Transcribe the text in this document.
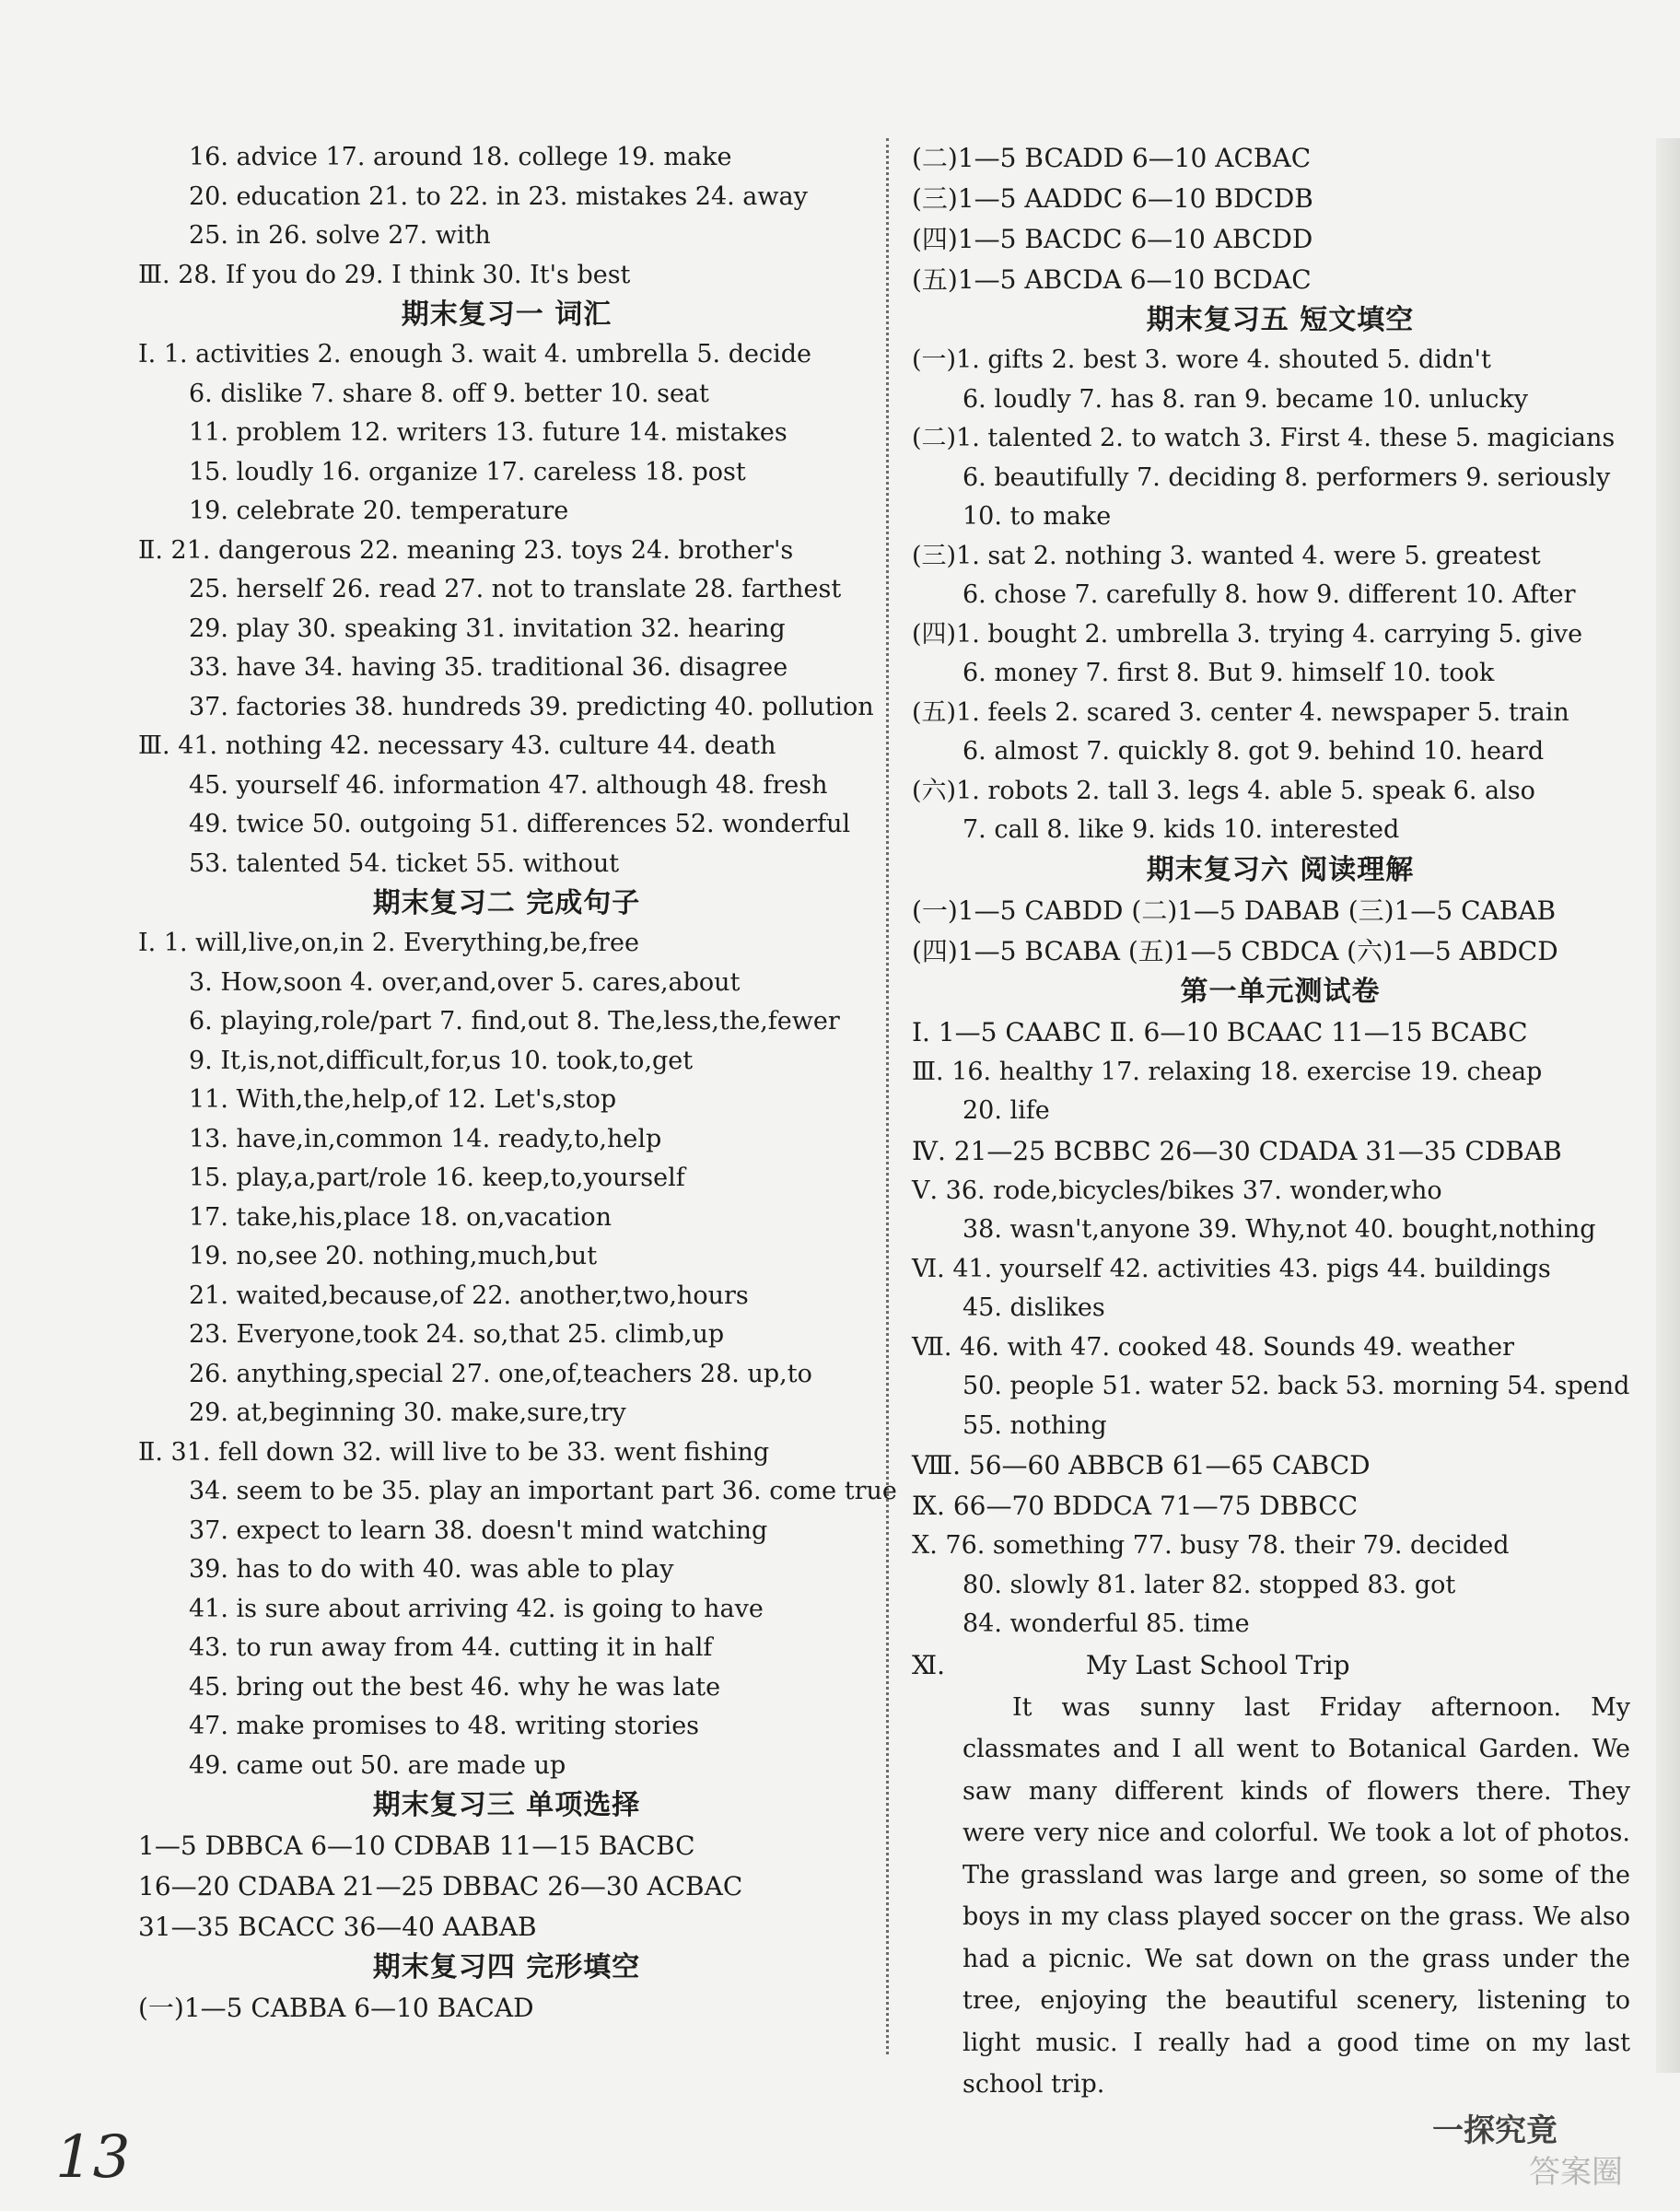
16. advice 17. around 18. college 19. make
20. education 21. to 22. in 23. mistakes 24. away
25. in 26. solve 27. with
Ⅲ. 28. If you do 29. I think 30. It's best
期末复习一 词汇
Ⅰ. 1. activities 2. enough 3. wait 4. umbrella 5. decide
6. dislike 7. share 8. off 9. better 10. seat
11. problem 12. writers 13. future 14. mistakes
15. loudly 16. organize 17. careless 18. post
19. celebrate 20. temperature
Ⅱ. 21. dangerous 22. meaning 23. toys 24. brother's
25. herself 26. read 27. not to translate 28. farthest
29. play 30. speaking 31. invitation 32. hearing
33. have 34. having 35. traditional 36. disagree
37. factories 38. hundreds 39. predicting 40. pollution
Ⅲ. 41. nothing 42. necessary 43. culture 44. death
45. yourself 46. information 47. although 48. fresh
49. twice 50. outgoing 51. differences 52. wonderful
53. talented 54. ticket 55. without
期末复习二 完成句子
Ⅰ. 1. will,live,on,in 2. Everything,be,free
3. How,soon 4. over,and,over 5. cares,about
6. playing,role/part 7. find,out 8. The,less,the,fewer
9. It,is,not,difficult,for,us 10. took,to,get
11. With,the,help,of 12. Let's,stop
13. have,in,common 14. ready,to,help
15. play,a,part/role 16. keep,to,yourself
17. take,his,place 18. on,vacation
19. no,see 20. nothing,much,but
21. waited,because,of 22. another,two,hours
23. Everyone,took 24. so,that 25. climb,up
26. anything,special 27. one,of,teachers 28. up,to
29. at,beginning 30. make,sure,try
Ⅱ. 31. fell down 32. will live to be 33. went fishing
34. seem to be 35. play an important part 36. come true
37. expect to learn 38. doesn't mind watching
39. has to do with 40. was able to play
41. is sure about arriving 42. is going to have
43. to run away from 44. cutting it in half
45. bring out the best 46. why he was late
47. make promises to 48. writing stories
49. came out 50. are made up
期末复习三 单项选择
1—5 DBBCA 6—10 CDBAB 11—15 BACBC
16—20 CDABA 21—25 DBBAC 26—30 ACBAC
31—35 BCACC 36—40 AABAB
期末复习四 完形填空
(一)1—5 CABBA 6—10 BACAD
(二)1—5 BCADD 6—10 ACBAC
(三)1—5 AADDC 6—10 BDCDB
(四)1—5 BACDC 6—10 ABCDD
(五)1—5 ABCDA 6—10 BCDAC
期末复习五 短文填空
(一)1. gifts 2. best 3. wore 4. shouted 5. didn't
6. loudly 7. has 8. ran 9. became 10. unlucky
(二)1. talented 2. to watch 3. First 4. these 5. magicians
6. beautifully 7. deciding 8. performers 9. seriously
10. to make
(三)1. sat 2. nothing 3. wanted 4. were 5. greatest
6. chose 7. carefully 8. how 9. different 10. After
(四)1. bought 2. umbrella 3. trying 4. carrying 5. give
6. money 7. first 8. But 9. himself 10. took
(五)1. feels 2. scared 3. center 4. newspaper 5. train
6. almost 7. quickly 8. got 9. behind 10. heard
(六)1. robots 2. tall 3. legs 4. able 5. speak 6. also
7. call 8. like 9. kids 10. interested
期末复习六 阅读理解
(一)1—5 CABDD (二)1—5 DABAB (三)1—5 CABAB
(四)1—5 BCABA (五)1—5 CBDCA (六)1—5 ABDCD
第一单元测试卷
Ⅰ. 1—5 CAABC Ⅱ. 6—10 BCAAC 11—15 BCABC
Ⅲ. 16. healthy 17. relaxing 18. exercise 19. cheap
20. life
Ⅳ. 21—25 BCBBC 26—30 CDADA 31—35 CDBAB
Ⅴ. 36. rode,bicycles/bikes 37. wonder,who
38. wasn't,anyone 39. Why,not 40. bought,nothing
Ⅵ. 41. yourself 42. activities 43. pigs 44. buildings
45. dislikes
Ⅶ. 46. with 47. cooked 48. Sounds 49. weather
50. people 51. water 52. back 53. morning 54. spend
55. nothing
Ⅷ. 56—60 ABBCB 61—65 CABCD
Ⅸ. 66—70 BDDCA 71—75 DBBCC
Ⅹ. 76. something 77. busy 78. their 79. decided
80. slowly 81. later 82. stopped 83. got
84. wonderful 85. time
Ⅺ.	My Last School Trip

It was sunny last Friday afternoon. My classmates and I all went to Botanical Garden. We saw many different kinds of flowers there. They were very nice and colorful. We took a lot of photos. The grassland was large and green, so some of the boys in my class played soccer on the grass. We also had a picnic. We sat down on the grass under the tree, enjoying the beautiful scenery, listening to light music. I really had a good time on my last school trip.

13	一探究竟
答案圈
